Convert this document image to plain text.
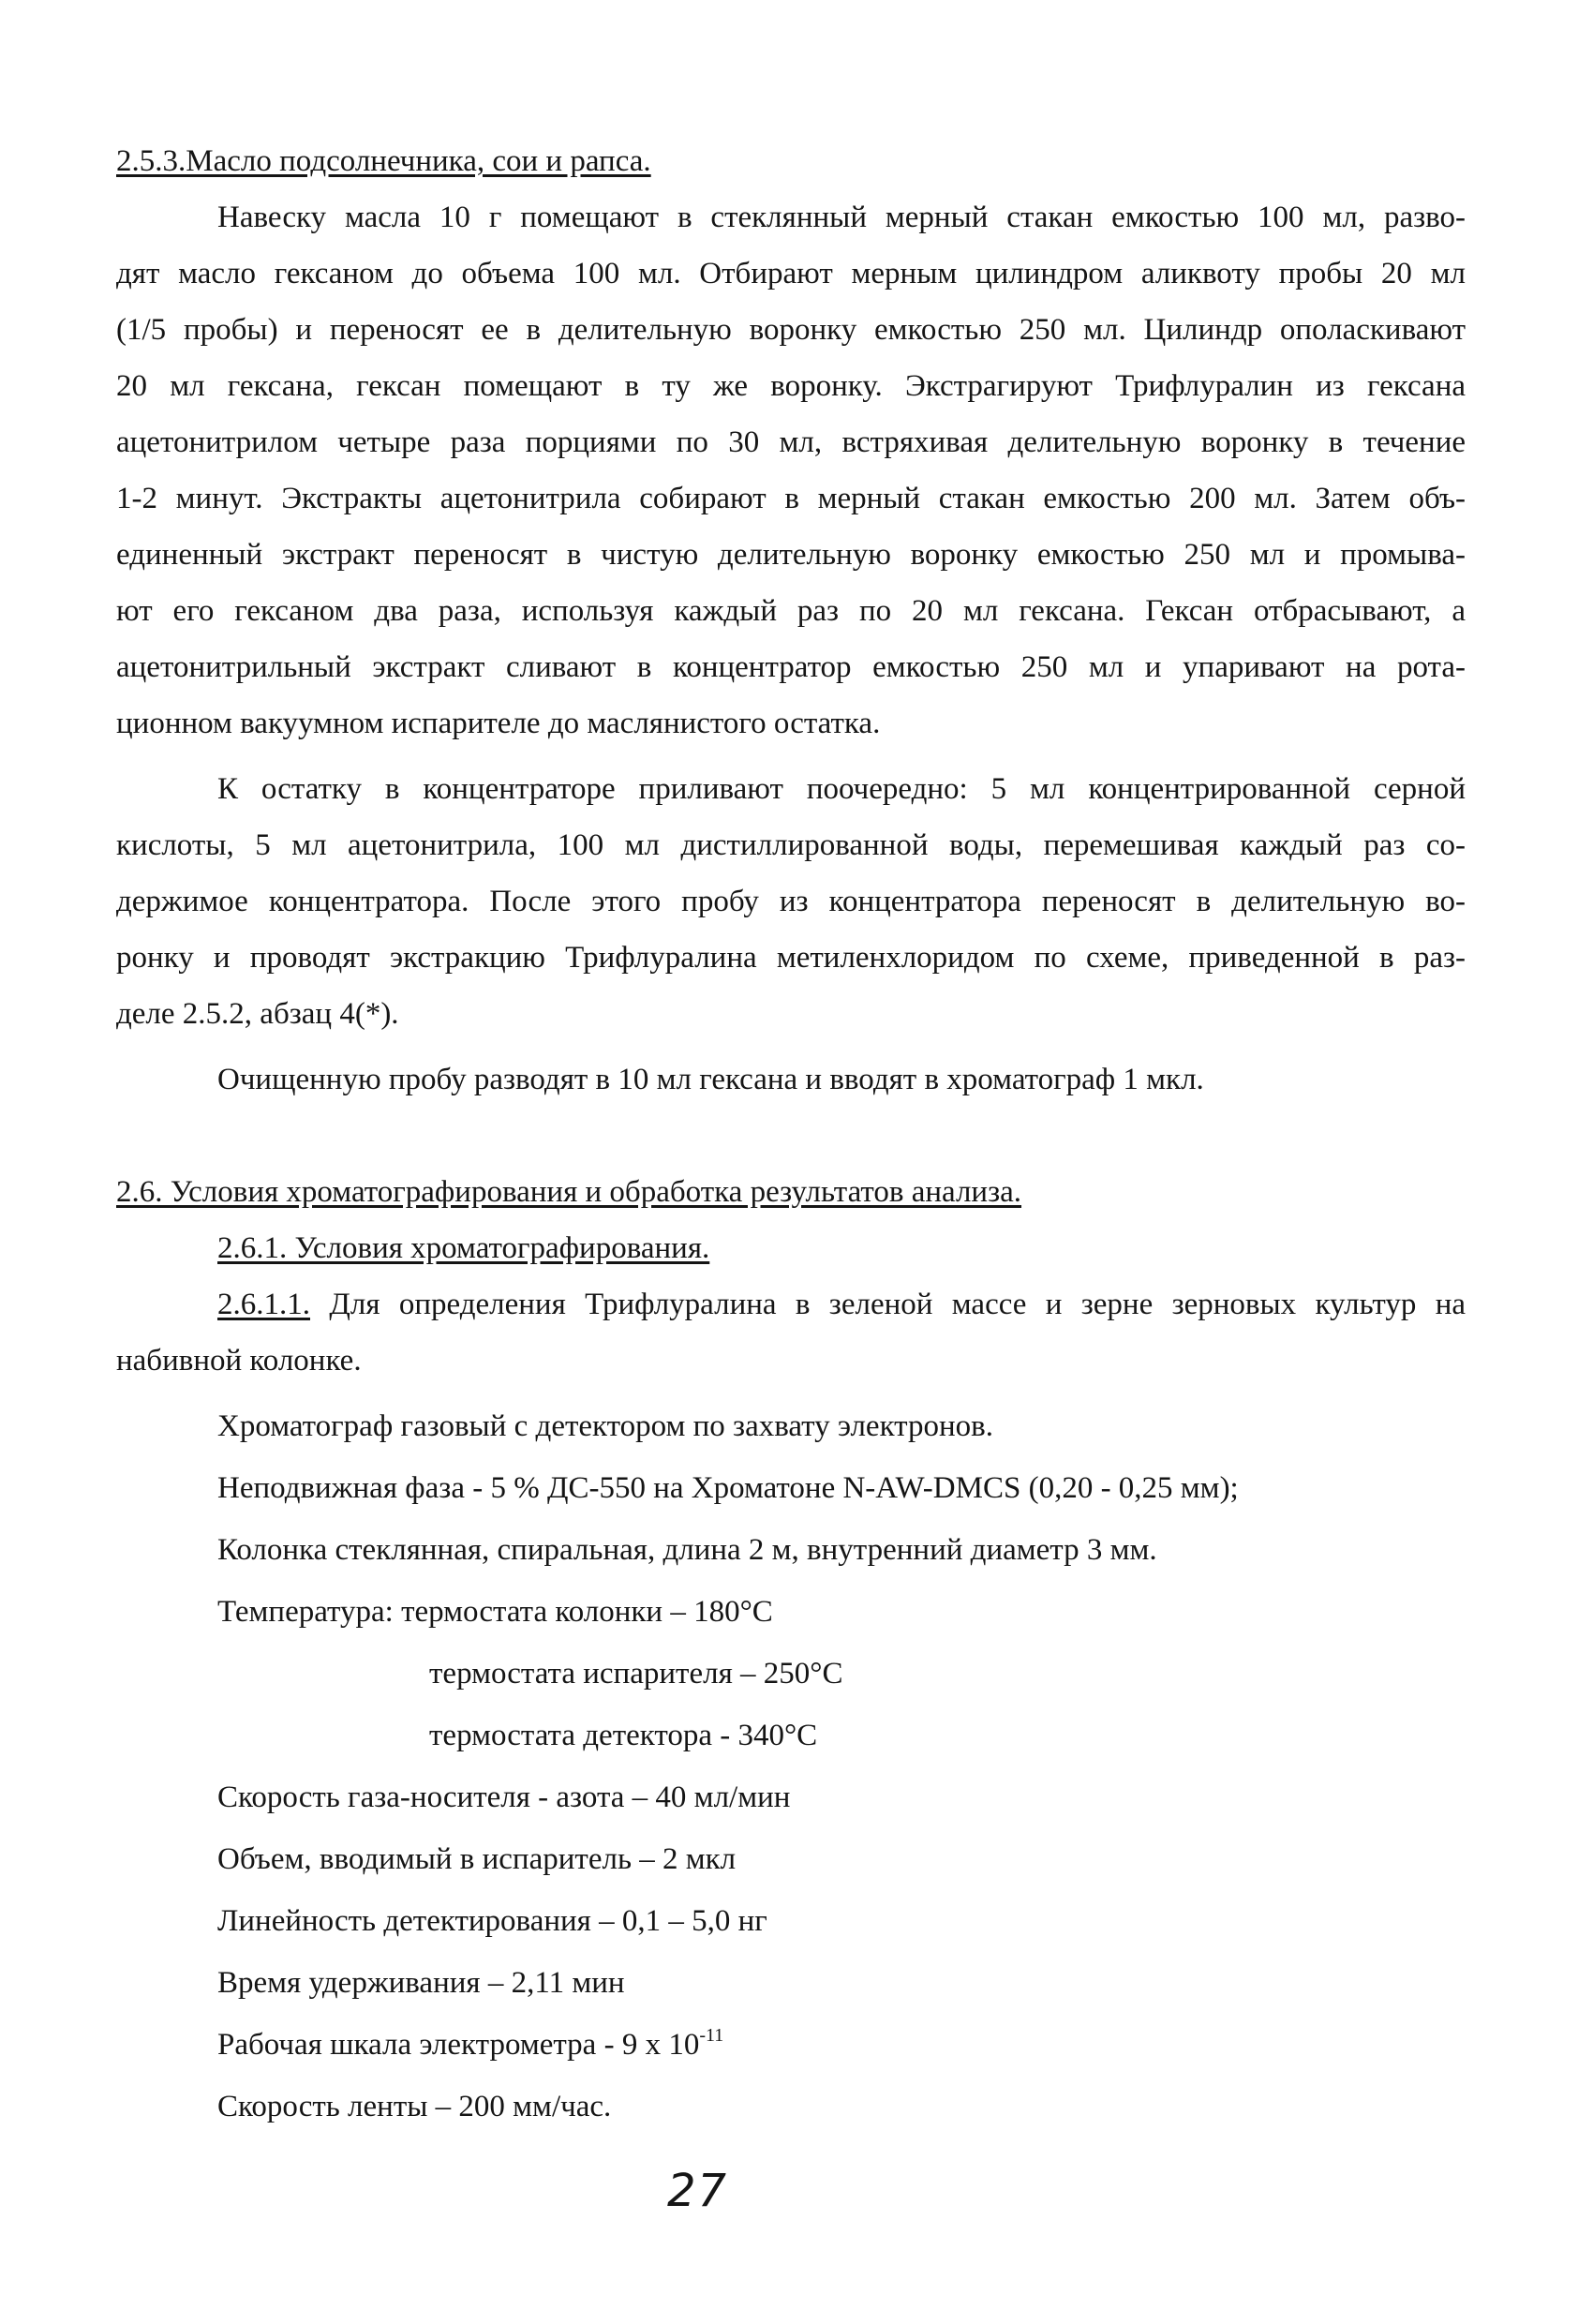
2.5.3.Масло подсолнечника, сои и рапса.
Навеску масла 10 г помещают в стеклянный мерный стакан емкостью 100 мл, разво-
дят масло гексаном до объема 100 мл. Отбирают мерным цилиндром аликвоту пробы 20 мл
(1/5 пробы) и переносят ее в делительную воронку емкостью 250 мл. Цилиндр ополаскивают
20 мл гексана, гексан помещают в ту же воронку. Экстрагируют Трифлуралин из гексана
ацетонитрилом четыре раза порциями по 30 мл, встряхивая делительную воронку в течение
1-2 минут. Экстракты ацетонитрила собирают в мерный стакан емкостью 200 мл. Затем объ-
единенный экстракт переносят в чистую делительную воронку емкостью 250 мл и промыва-
ют его гексаном два раза, используя каждый раз по 20 мл гексана. Гексан отбрасывают, а
ацетонитрильный экстракт сливают в концентратор емкостью 250 мл и упаривают на рота-
ционном вакуумном испарителе до маслянистого остатка.
К остатку в концентраторе приливают поочередно: 5 мл концентрированной серной
кислоты, 5 мл ацетонитрила, 100 мл дистиллированной воды, перемешивая каждый раз со-
держимое концентратора. После этого пробу из концентратора переносят в делительную во-
ронку и проводят экстракцию Трифлуралина метиленхлоридом по схеме, приведенной в раз-
деле 2.5.2, абзац 4(*).
Очищенную пробу разводят в 10 мл гексана и вводят в хроматограф 1 мкл.
2.6. Условия хроматографирования и обработка результатов анализа.
2.6.1. Условия хроматографирования.
2.6.1.1. Для определения Трифлуралина в зеленой массе и зерне зерновых культур на
набивной колонке.
Хроматограф газовый с детектором по захвату электронов.
Неподвижная фаза - 5 % ДС-550 на Хроматоне N-AW-DMCS (0,20 - 0,25 мм);
Колонка стеклянная, спиральная, длина 2 м, внутренний диаметр 3 мм.
Температура: термостата колонки – 180°С
термостата испарителя – 250°С
термостата детектора - 340°С
Скорость газа-носителя - азота – 40 мл/мин
Объем, вводимый в испаритель – 2 мкл
Линейность детектирования – 0,1 – 5,0 нг
Время удерживания – 2,11 мин
Рабочая шкала электрометра - 9 х $10^{-11}$
Скорость ленты – 200 мм/час.
27
